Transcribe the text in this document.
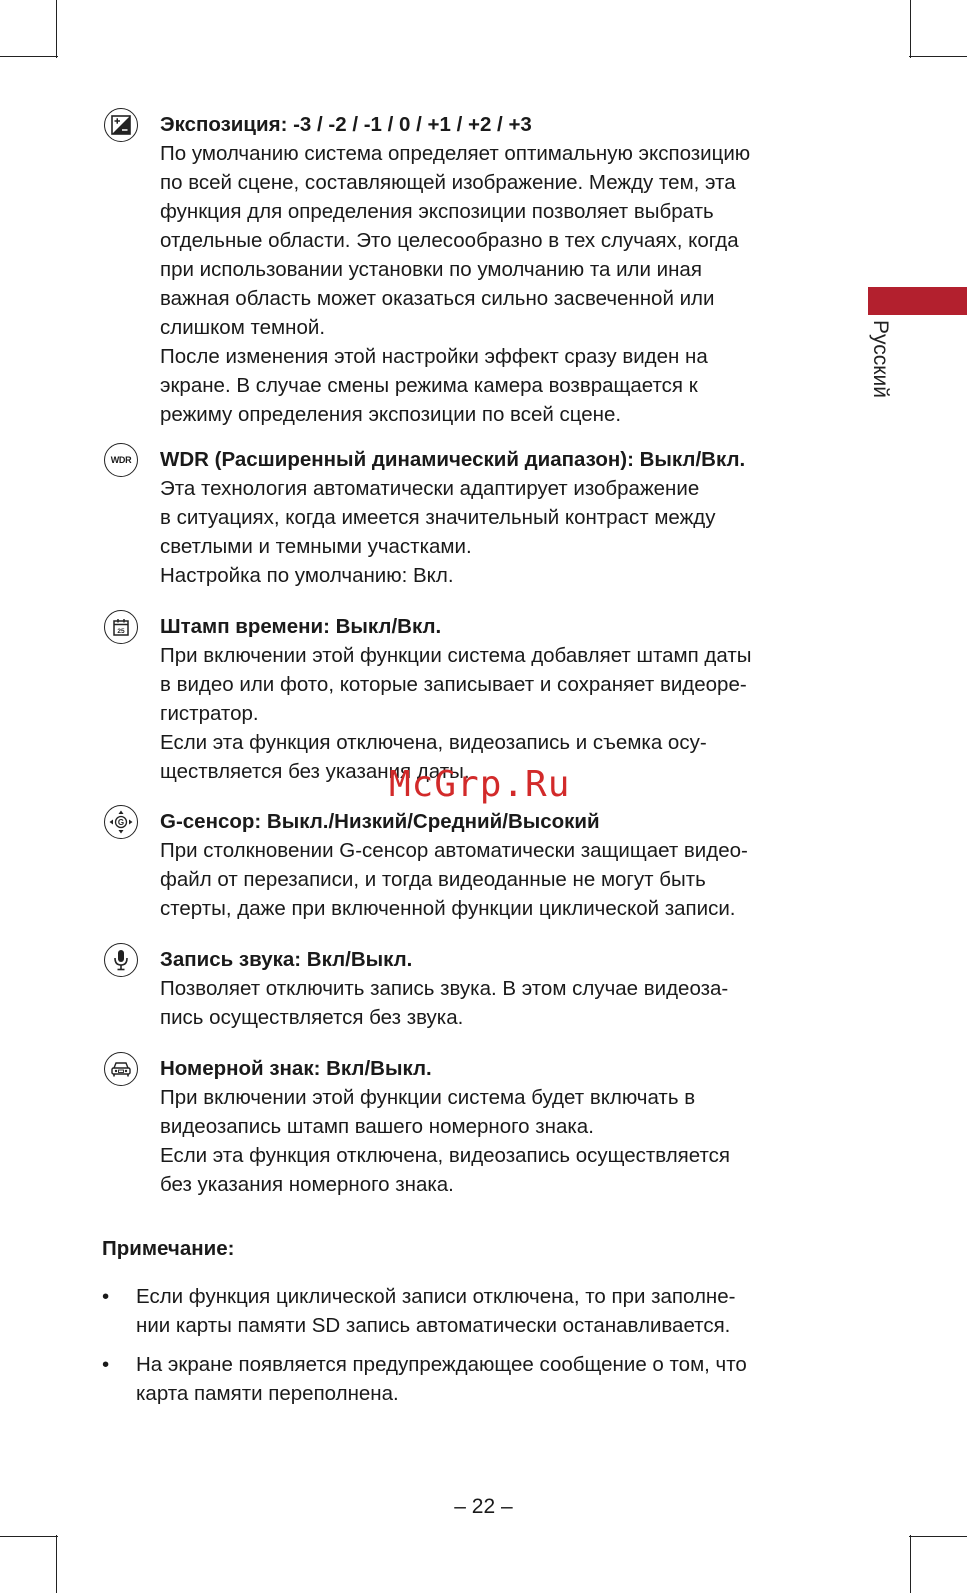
Русский
Экспозиция: -3 / -2 / -1 / 0 / +1 / +2 / +3
По умолчанию система определяет оптимальную экспозицию
по всей сцене, составляющей изображение. Между тем, эта
функция для определения экспозиции позволяет выбрать
отдельные области. Это целесообразно в тех случаях, когда
при использовании установки по умолчанию та или иная
важная область может оказаться сильно засвеченной или
слишком темной.
После изменения этой настройки эффект сразу виден на
экране. В случае смены режима камера возвращается к
режиму определения экспозиции по всей сцене.
WDR WDR (Расширенный динамический диапазон): Выкл/Вкл.
Эта технология автоматически адаптирует изображение
в ситуациях, когда имеется значительный контраст между
светлыми и темными участками.
Настройка по умолчанию: Вкл.
25 Штамп времени: Выкл/Вкл.
При включении этой функции система добавляет штамп даты
в видео или фото, которые записывает и сохраняет видеоре-
гистратор.
Если эта функция отключена, видеозапись и съемка осу-
ществляется без указания даты.
G G-сенсор: Выкл./Низкий/Средний/Высокий
При столкновении G-сенсор автоматически защищает видео-
файл от перезаписи, и тогда видеоданные не могут быть
стерты, даже при включенной функции циклической записи.
Запись звука: Вкл/Выкл.
Позволяет отключить запись звука. В этом случае видеоза-
пись осуществляется без звука.
Номерной знак: Вкл/Выкл.
При включении этой функции система будет включать в
видеозапись штамп вашего номерного знака.
Если эта функция отключена, видеозапись осуществляется
без указания номерного знака.
McGrp.Ru
Примечание:
• Если функция циклической записи отключена, то при заполне-
нии карты памяти SD запись автоматически останавливается.
• На экране появляется предупреждающее сообщение о том, что
карта памяти переполнена.
– 22 –
